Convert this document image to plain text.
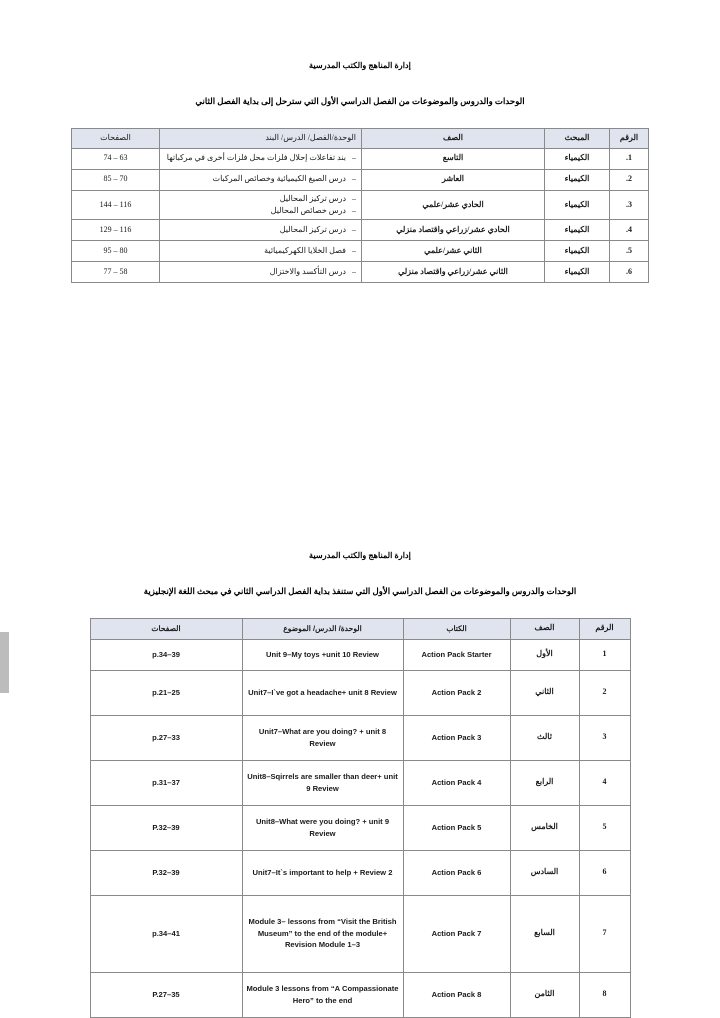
إدارة المناهج والكتب المدرسية
الوحدات والدروس والموضوعات من الفصل الدراسي الأول التي سترحل إلى بداية الفصل الثاني
الرقم	المبحث	الصف	الوحدة/الفصل/ الدرس/ البند	الصفحات
1.	الكيمياء	التاسع	– بند تفاعلات إحلال فلزات محل فلزات أخرى في مركباتها	63 – 74
2.	الكيمياء	العاشر	– درس الصيغ الكيميائية وخصائص المركبات	70 – 85
3.	الكيمياء	الحادي عشر/علمي	– درس تركيز المحاليل
– درس خصائص المحاليل	116 – 144
4.	الكيمياء	الحادي عشر/زراعي واقتصاد منزلي	– درس تركيز المحاليل	116 – 129
5.	الكيمياء	الثاني عشر/علمي	– فصل الخلايا الكهركيميائية	80 – 95
6.	الكيمياء	الثاني عشر/زراعي واقتصاد منزلي	– درس التأكسد والاختزال	58 – 77
إدارة المناهج والكتب المدرسية
الوحدات والدروس والموضوعات من الفصل الدراسي الأول التي ستنفذ بداية الفصل الدراسي الثاني في مبحث اللغة الإنجليزية
الرقم	الصف	الكتاب	الوحدة/ الدرس/ الموضوع	الصفحات
1	الأول	Action Pack Starter	Unit 9–My toys +unit 10 Review	p.34–39
2	الثاني	Action Pack 2	Unit7–I`ve got a headache+ unit 8 Review	p.21–25
3	ثالث	Action Pack 3	Unit7–What are you doing? + unit 8 Review	p.27–33
4	الرابع	Action Pack 4	Unit8–Sqirrels are smaller than deer+ unit 9 Review	p.31–37
5	الخامس	Action Pack 5	Unit8–What were you doing? + unit 9 Review	P.32–39
6	السادس	Action Pack 6	Unit7–It`s important to help + Review 2	P.32–39
7	السابع	Action Pack 7	Module 3– lessons from “Visit the British Museum” to the end of the module+ Revision Module 1–3	p.34–41
8	الثامن	Action Pack 8	Module 3 lessons from “A Compassionate Hero” to the end	P.27–35
